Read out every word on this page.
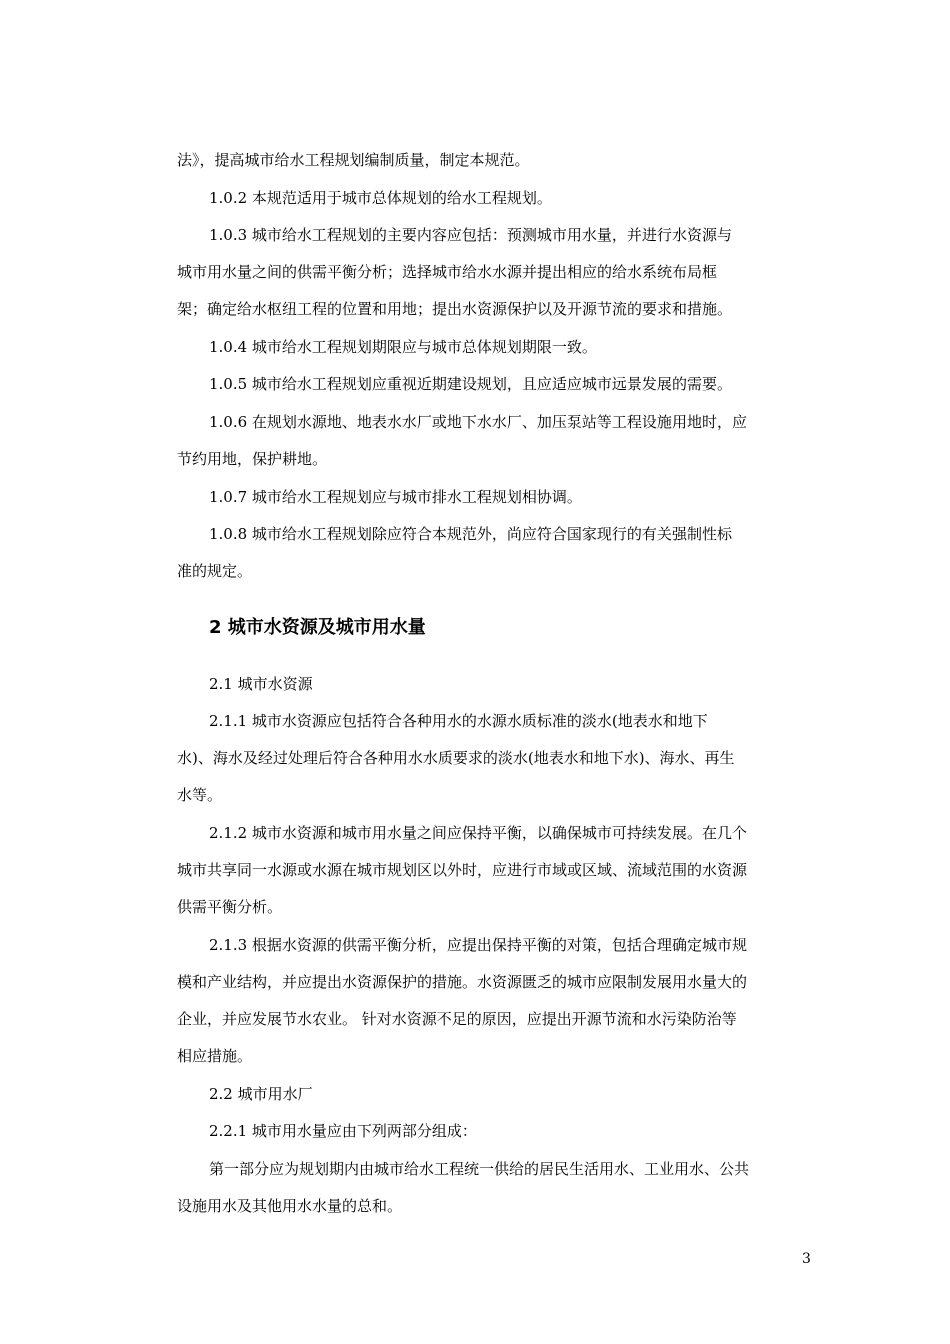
法》，提高城市给水工程规划编制质量，制定本规范。
1.0.2 本规范适用于城市总体规划的给水工程规划。
1.0.3 城市给水工程规划的主要内容应包括：预测城市用水量，并进行水资源与
城市用水量之间的供需平衡分析；选择城市给水水源并提出相应的给水系统布局框
架；确定给水枢纽工程的位置和用地；提出水资源保护以及开源节流的要求和措施。
1.0.4 城市给水工程规划期限应与城市总体规划期限一致。
1.0.5 城市给水工程规划应重视近期建设规划，且应适应城市远景发展的需要。
1.0.6 在规划水源地、地表水水厂或地下水水厂、加压泵站等工程设施用地时，应
节约用地，保护耕地。
1.0.7 城市给水工程规划应与城市排水工程规划相协调。
1.0.8 城市给水工程规划除应符合本规范外，尚应符合国家现行的有关强制性标
准的规定。
2 城市水资源及城市用水量
2.1 城市水资源
2.1.1 城市水资源应包括符合各种用水的水源水质标准的淡水(地表水和地下
水)、海水及经过处理后符合各种用水水质要求的淡水(地表水和地下水)、海水、再生
水等。
2.1.2 城市水资源和城市用水量之间应保持平衡，以确保城市可持续发展。在几个
城市共享同一水源或水源在城市规划区以外时，应进行市域或区域、流域范围的水资源
供需平衡分析。
2.1.3 根据水资源的供需平衡分析，应提出保持平衡的对策，包括合理确定城市规
模和产业结构，并应提出水资源保护的措施。水资源匮乏的城市应限制发展用水量大的
企业，并应发展节水农业。 针对水资源不足的原因，应提出开源节流和水污染防治等
相应措施。
2.2 城市用水厂
2.2.1 城市用水量应由下列两部分组成：
第一部分应为规划期内由城市给水工程统一供给的居民生活用水、工业用水、公共
设施用水及其他用水水量的总和。
3
